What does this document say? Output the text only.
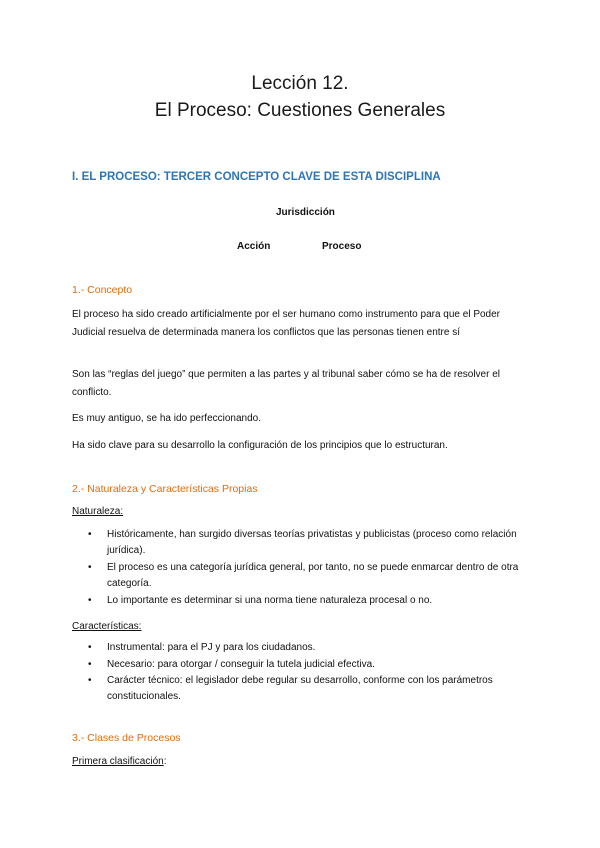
Lección 12.
El Proceso: Cuestiones Generales
I. EL PROCESO: TERCER CONCEPTO CLAVE DE ESTA DISCIPLINA
Jurisdicción
Acción	Proceso
1.- Concepto
El proceso ha sido creado artificialmente por el ser humano como instrumento para que el Poder Judicial resuelva de determinada manera los conflictos que las personas tienen entre sí
Son las “reglas del juego” que permiten a las partes y al tribunal saber cómo se ha de resolver el conflicto.
Es muy antiguo, se ha ido perfeccionando.
Ha sido clave para su desarrollo la configuración de los principios que lo estructuran.
2.- Naturaleza y Características Propias
Naturaleza:
• Históricamente, han surgido diversas teorías privatistas y publicistas (proceso como relación jurídica).
• El proceso es una categoría jurídica general, por tanto, no se puede enmarcar dentro de otra categoría.
• Lo importante es determinar si una norma tiene naturaleza procesal o no.
Características:
• Instrumental: para el PJ y para los ciudadanos.
• Necesario: para otorgar / conseguir la tutela judicial efectiva.
• Carácter técnico: el legislador debe regular su desarrollo, conforme con los parámetros constitucionales.
3.- Clases de Procesos
Primera clasificación:
